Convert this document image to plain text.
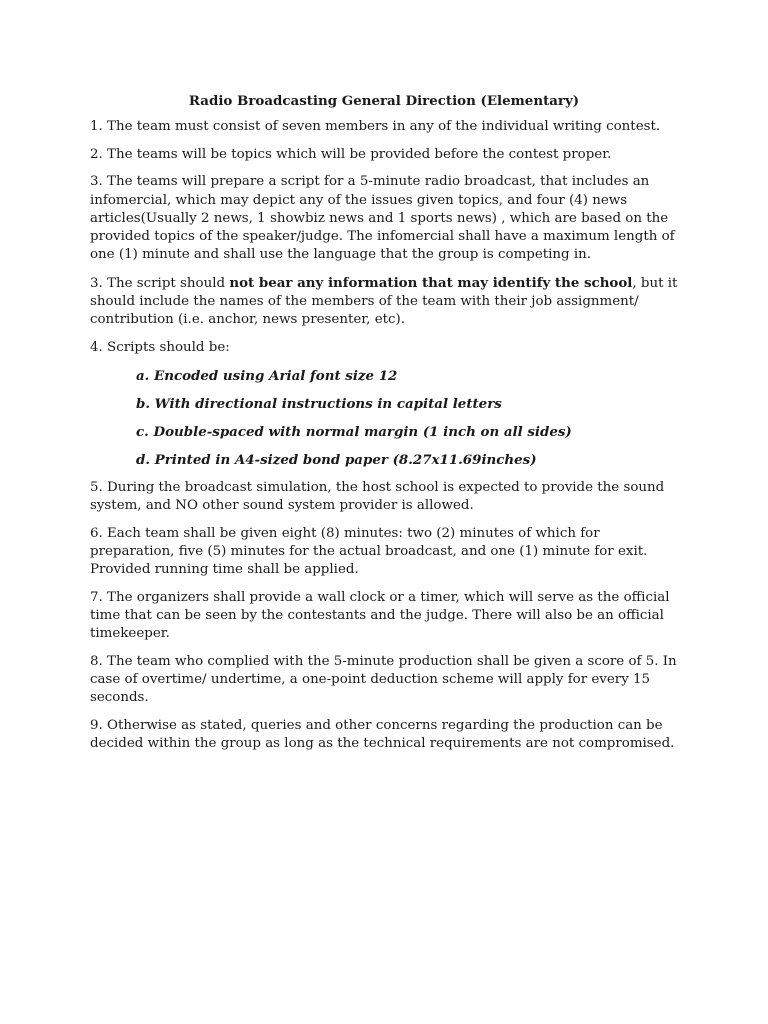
Radio Broadcasting General Direction (Elementary)

1. The team must consist of seven members in any of the individual writing contest.

2. The teams will be topics which will be provided before the contest proper.

3. The teams will prepare a script for a 5-minute radio broadcast, that includes an infomercial, which may depict any of the issues given topics, and four (4) news articles(Usually 2 news, 1 showbiz news and 1 sports news) , which are based on the provided topics of the speaker/judge. The infomercial shall have a maximum length of one (1) minute and shall use the language that the group is competing in.

3. The script should not bear any information that may identify the school, but it should include the names of the members of the team with their job assignment/ contribution (i.e. anchor, news presenter, etc).

4. Scripts should be:

a. Encoded using Arial font size 12
b. With directional instructions in capital letters
c. Double-spaced with normal margin (1 inch on all sides)
d. Printed in A4-sized bond paper (8.27x11.69inches)

5. During the broadcast simulation, the host school is expected to provide the sound system, and NO other sound system provider is allowed.

6. Each team shall be given eight (8) minutes: two (2) minutes of which for preparation, five (5) minutes for the actual broadcast, and one (1) minute for exit. Provided running time shall be applied.

7. The organizers shall provide a wall clock or a timer, which will serve as the official time that can be seen by the contestants and the judge. There will also be an official timekeeper.

8. The team who complied with the 5-minute production shall be given a score of 5. In case of overtime/ undertime, a one-point deduction scheme will apply for every 15 seconds.

9. Otherwise as stated, queries and other concerns regarding the production can be decided within the group as long as the technical requirements are not compromised.
